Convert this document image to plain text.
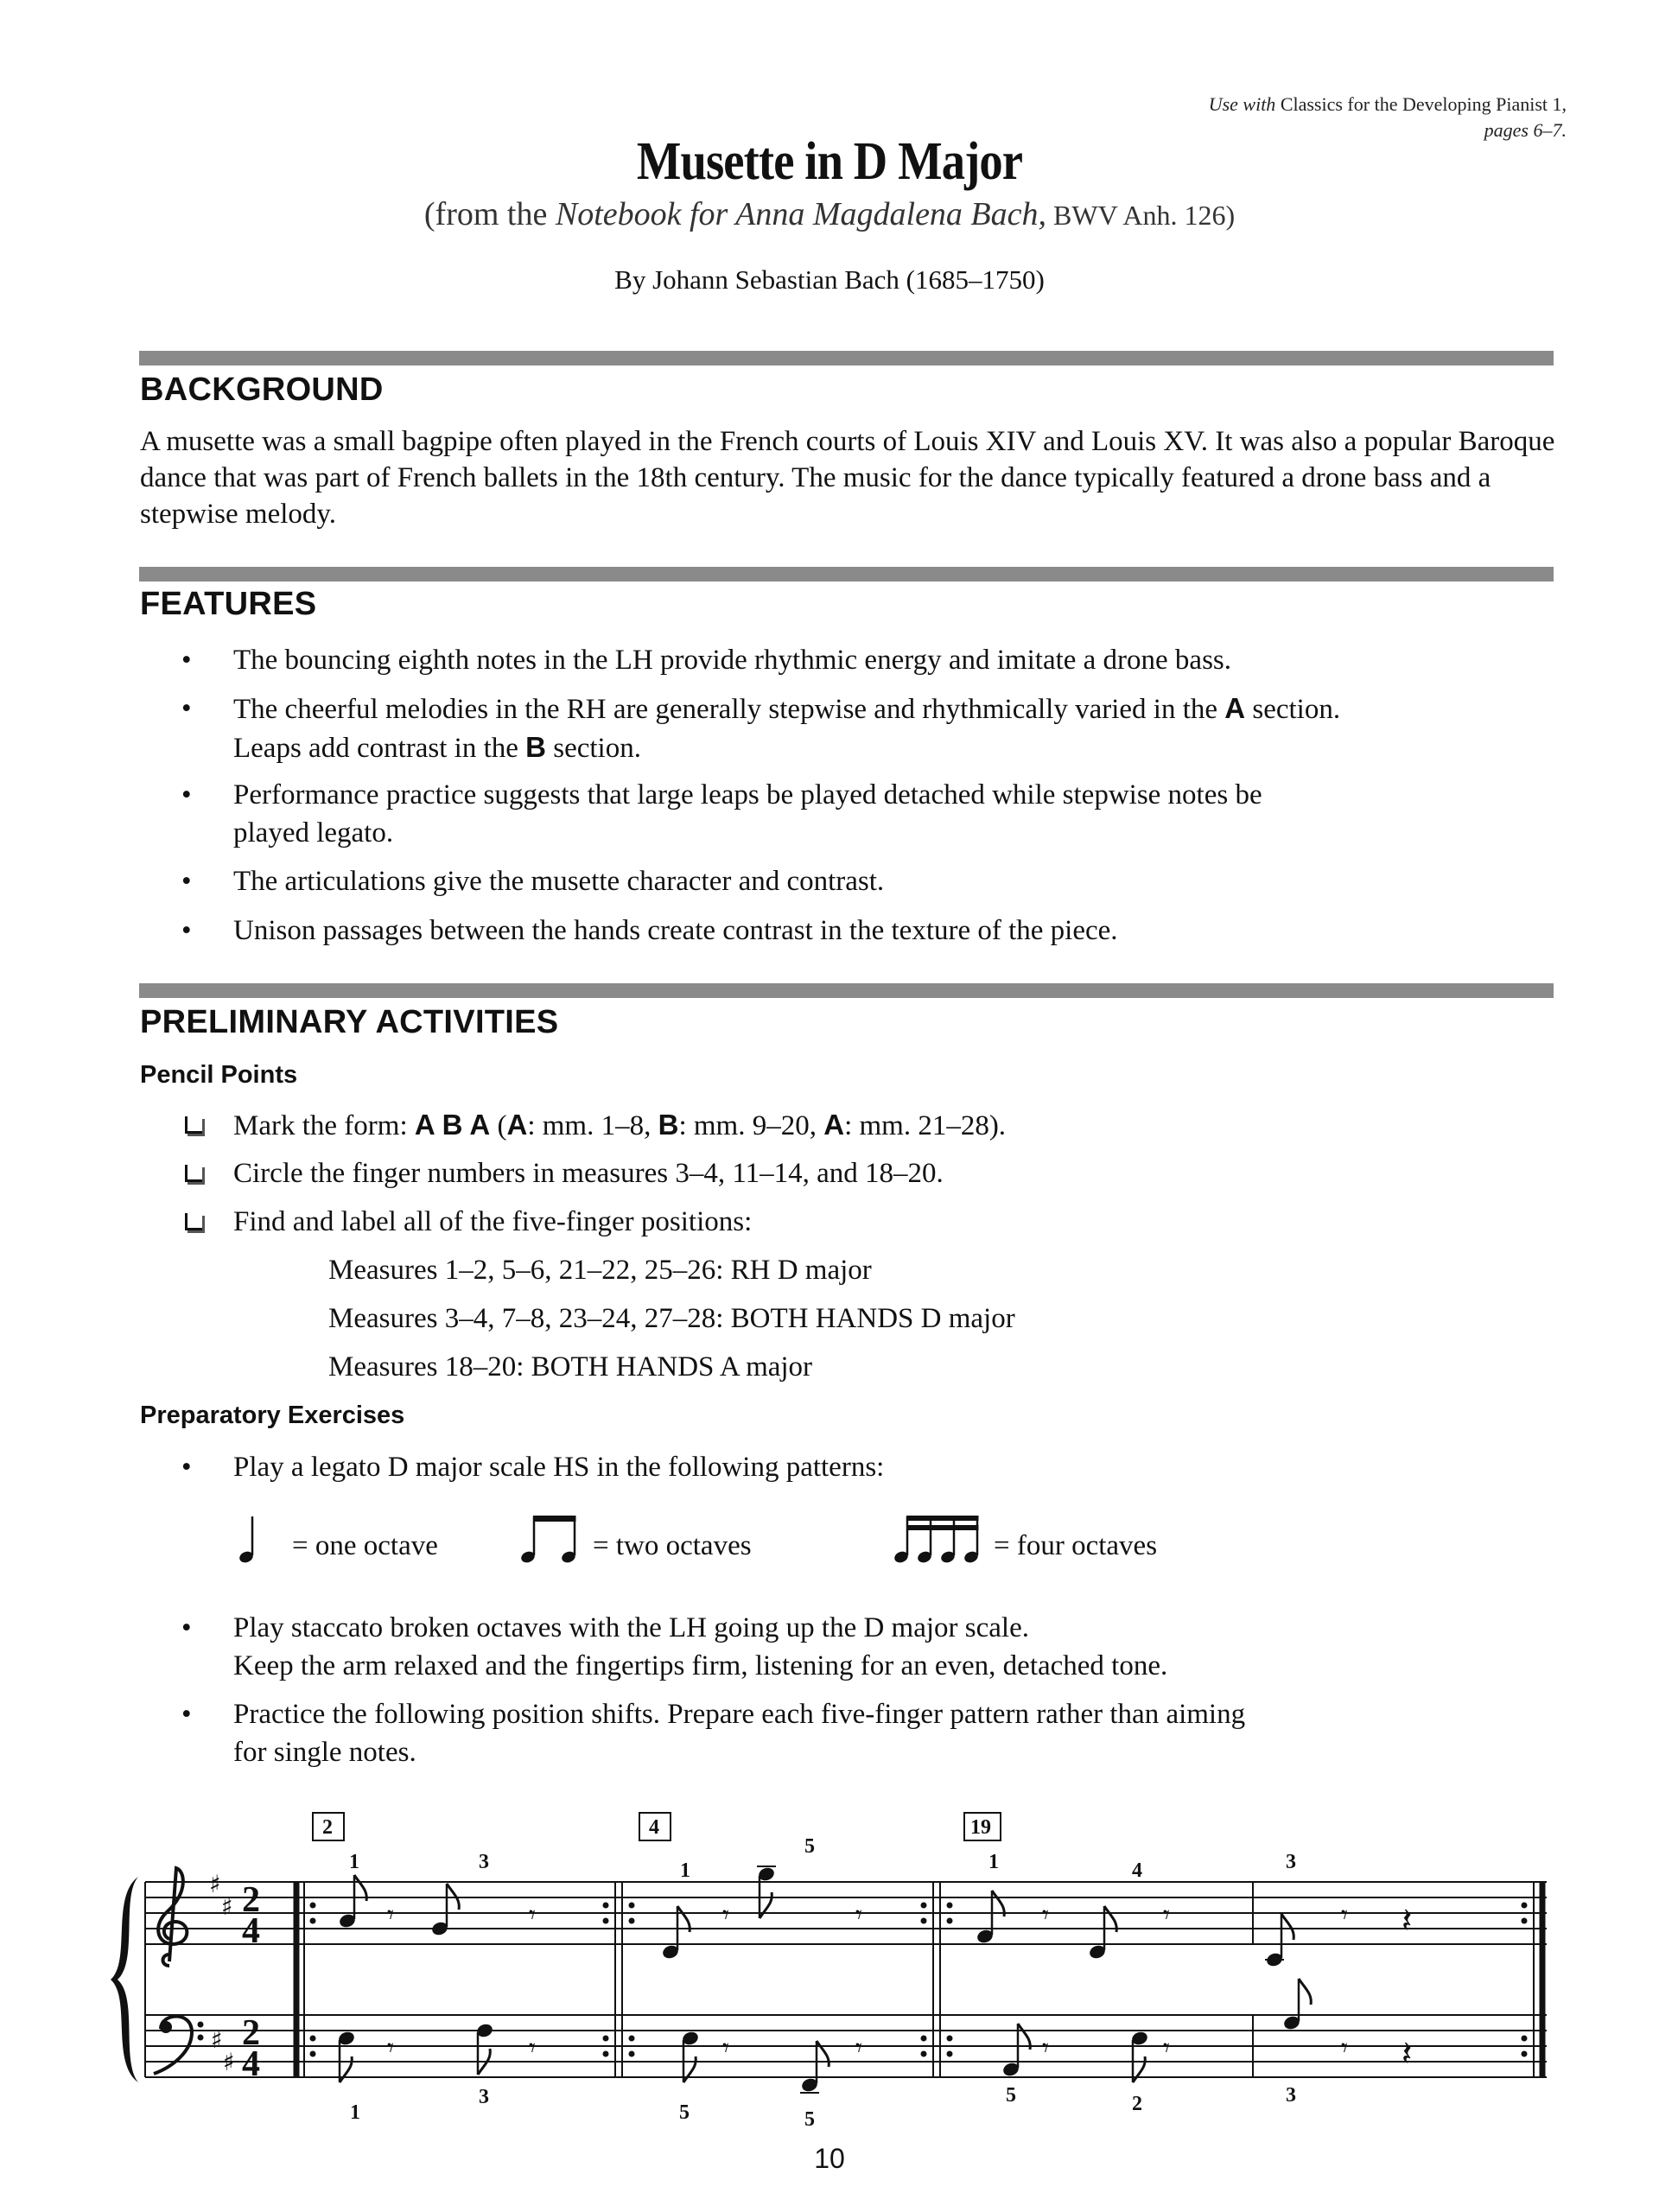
Use with Classics for the Developing Pianist 1,
pages 6–7.
Musette in D Major
(from the Notebook for Anna Magdalena Bach, BWV Anh. 126)
By Johann Sebastian Bach (1685–1750)
BACKGROUND
A musette was a small bagpipe often played in the French courts of Louis XIV and Louis XV. It was also a popular Baroque dance that was part of French ballets in the 18th century. The music for the dance typically featured a drone bass and a stepwise melody.
FEATURES
•	The bouncing eighth notes in the LH provide rhythmic energy and imitate a drone bass.
•	The cheerful melodies in the RH are generally stepwise and rhythmically varied in the A section.
Leaps add contrast in the B section.
•	Performance practice suggests that large leaps be played detached while stepwise notes be
played legato.
•	The articulations give the musette character and contrast.
•	Unison passages between the hands create contrast in the texture of the piece.
PRELIMINARY ACTIVITIES
Pencil Points
Mark the form: A B A (A: mm. 1–8, B: mm. 9–20, A: mm. 21–28).
Circle the finger numbers in measures 3–4, 11–14, and 18–20.
Find and label all of the five-finger positions:
Measures 1–2, 5–6, 21–22, 25–26: RH D major
Measures 3–4, 7–8, 23–24, 27–28: BOTH HANDS D major
Measures 18–20: BOTH HANDS A major
Preparatory Exercises
•	Play a legato D major scale HS in the following patterns:
= one octave	= two octaves	= four octaves
•	Play staccato broken octaves with the LH going up the D major scale.
Keep the arm relaxed and the fingertips firm, listening for an even, detached tone.
•	Practice the following position shifts. Prepare each five-finger pattern rather than aiming
for single notes.
♯
♯
♯
♯
2
4
2
4
2	4	19
𝄾	𝄾	𝄾	𝄾	𝄾	𝄾	𝄾
𝄾	𝄾	𝄾	𝄾	𝄾	𝄾	𝄾
𝄽
𝄽
1	3	1
5
1	4	3
1
3
5	5
5	2	3
10
